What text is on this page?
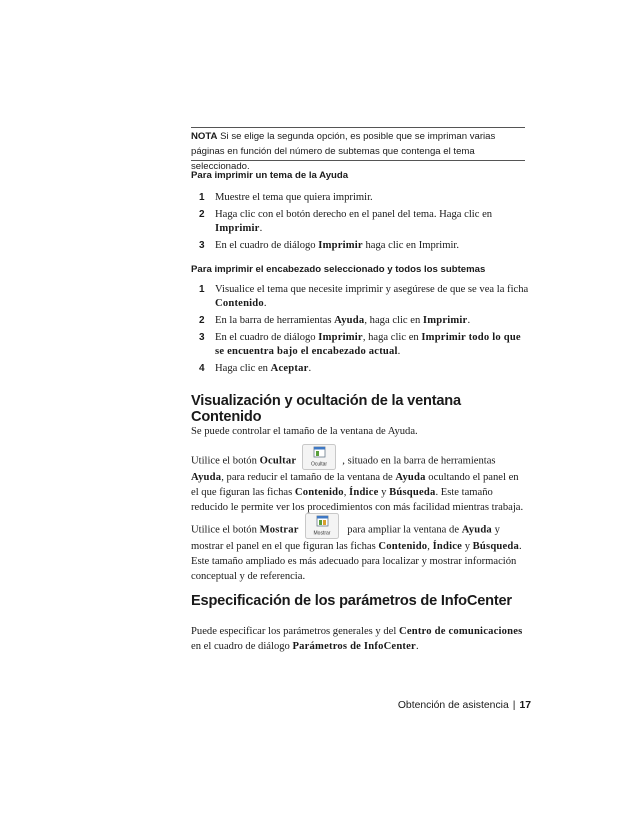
NOTA Si se elige la segunda opción, es posible que se impriman varias páginas en función del número de subtemas que contenga el tema seleccionado.
Para imprimir un tema de la Ayuda
1 Muestre el tema que quiera imprimir.
2 Haga clic con el botón derecho en el panel del tema. Haga clic en Imprimir.
3 En el cuadro de diálogo Imprimir haga clic en Imprimir.
Para imprimir el encabezado seleccionado y todos los subtemas
1 Visualice el tema que necesite imprimir y asegúrese de que se vea la ficha Contenido.
2 En la barra de herramientas Ayuda, haga clic en Imprimir.
3 En el cuadro de diálogo Imprimir, haga clic en Imprimir todo lo que se encuentra bajo el encabezado actual.
4 Haga clic en Aceptar.
Visualización y ocultación de la ventana Contenido
Se puede controlar el tamaño de la ventana de Ayuda.
Utilice el botón Ocultar	Ocultar , situado en la barra de herramientas Ayuda, para reducir el tamaño de la ventana de Ayuda ocultando el panel en el que figuran las fichas Contenido, Índice y Búsqueda. Este tamaño reducido le permite ver los procedimientos con más facilidad mientras trabaja.
Utilice el botón Mostrar	Mostrar para ampliar la ventana de Ayuda y mostrar el panel en el que figuran las fichas Contenido, Índice y Búsqueda. Este tamaño ampliado es más adecuado para localizar y mostrar información conceptual y de referencia.
Especificación de los parámetros de InfoCenter
Puede especificar los parámetros generales y del Centro de comunicaciones en el cuadro de diálogo Parámetros de InfoCenter.
Obtención de asistencia | 17
